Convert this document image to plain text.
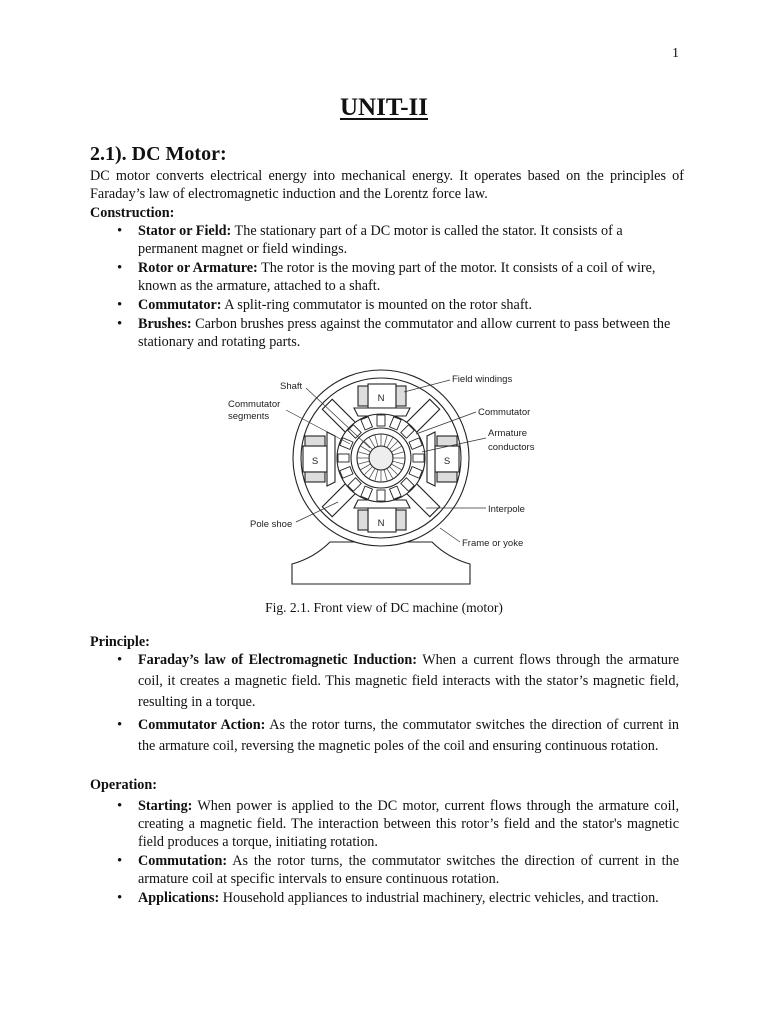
1
UNIT-II
2.1). DC Motor:

DC motor converts electrical energy into mechanical energy. It operates based on the principles of Faraday’s law of electromagnetic induction and the Lorentz force law.

Construction:
• Stator or Field: The stationary part of a DC motor is called the stator. It consists of a permanent magnet or field windings.
• Rotor or Armature: The rotor is the moving part of the motor. It consists of a coil of wire, known as the armature, attached to a shaft.
• Commutator: A split-ring commutator is mounted on the rotor shaft.
• Brushes: Carbon brushes press against the commutator and allow current to pass between the stationary and rotating parts.
N
N
S	S
Shaft
Commutator
segments
Field windings
Commutator
Armature
conductors
Interpole
Pole shoe
Frame or yoke
Fig. 2.1. Front view of DC machine (motor)
Principle:
• Faraday’s law of Electromagnetic Induction: When a current flows through the armature coil, it creates a magnetic field. This magnetic field interacts with the stator’s magnetic field, resulting in a torque.
• Commutator Action: As the rotor turns, the commutator switches the direction of current in the armature coil, reversing the magnetic poles of the coil and ensuring continuous rotation.
Operation:
• Starting: When power is applied to the DC motor, current flows through the armature coil, creating a magnetic field. The interaction between this rotor’s field and the stator's magnetic field produces a torque, initiating rotation.
• Commutation: As the rotor turns, the commutator switches the direction of current in the armature coil at specific intervals to ensure continuous rotation.
• Applications: Household appliances to industrial machinery, electric vehicles, and traction.
